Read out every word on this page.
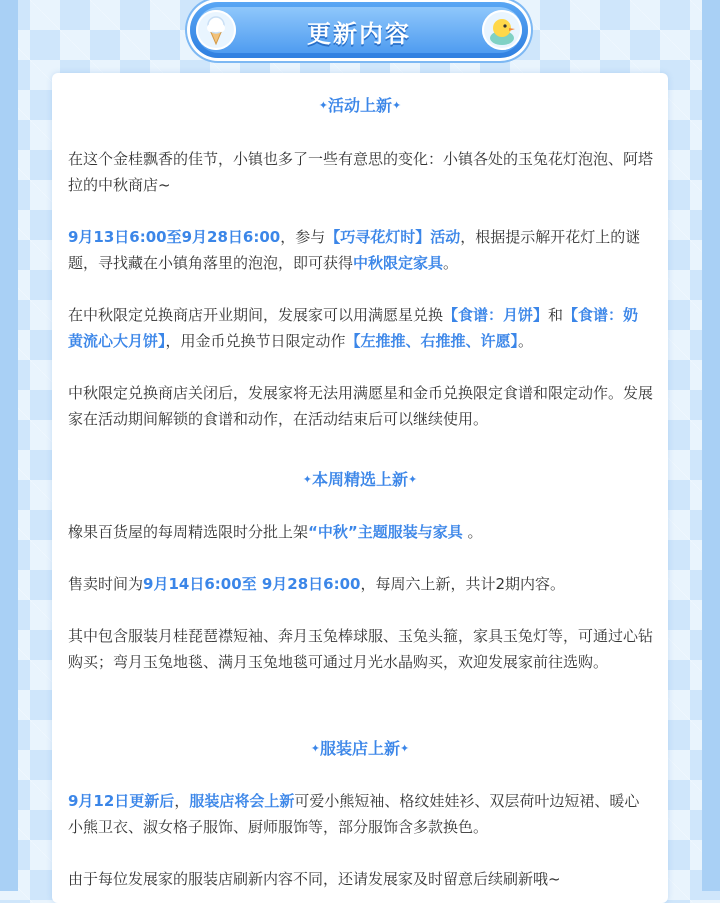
更新内容
✦活动上新✦

在这个金桂飘香的佳节，小镇也多了一些有意思的变化：小镇各处的玉兔花灯泡泡、阿塔拉的中秋商店~

9月13日6:00至9月28日6:00，参与【巧寻花灯时】活动，根据提示解开花灯上的谜题，寻找藏在小镇角落里的泡泡，即可获得中秋限定家具。

在中秋限定兑换商店开业期间，发展家可以用满愿星兑换【食谱：月饼】和【食谱：奶黄流心大月饼】，用金币兑换节日限定动作【左推推、右推推、许愿】。

中秋限定兑换商店关闭后，发展家将无法用满愿星和金币兑换限定食谱和限定动作。发展家在活动期间解锁的食谱和动作，在活动结束后可以继续使用。

✦本周精选上新✦

橡果百货屋的每周精选限时分批上架“中秋”主题服装与家具 。

售卖时间为9月14日6:00至 9月28日6:00，每周六上新，共计2期内容。

其中包含服装月桂琵琶襟短袖、奔月玉兔棒球服、玉兔头箍，家具玉兔灯等，可通过心钻购买；弯月玉兔地毯、满月玉兔地毯可通过月光水晶购买，欢迎发展家前往选购。

✦服装店上新✦

9月12日更新后，服装店将会上新可爱小熊短袖、格纹娃娃衫、双层荷叶边短裙、暖心小熊卫衣、淑女格子服饰、厨师服饰等，部分服饰含多款换色。

由于每位发展家的服装店刷新内容不同，还请发展家及时留意后续刷新哦~
